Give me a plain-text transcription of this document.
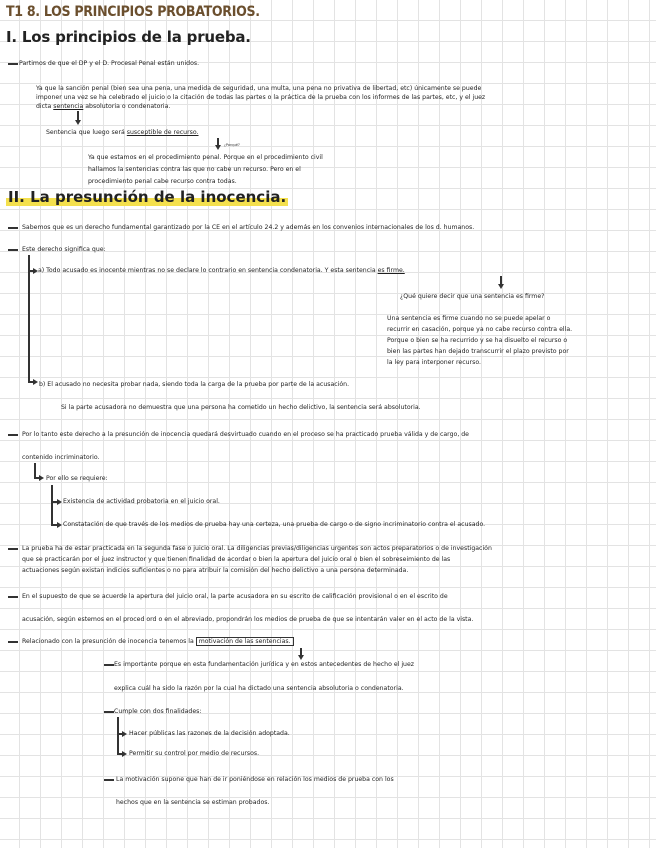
T1 8. LOS PRINCIPIOS PROBATORIOS.
I. Los principios de la prueba.
Partimos de que el DP y el D. Procesal Penal están unidos.
Ya que la sanción penal (bien sea una pena, una medida de seguridad, una multa, una pena no privativa de libertad, etc) únicamente se puede
imponer una vez se ha celebrado el juicio o la citación de todas las partes o la práctica de la prueba con los informes de las partes, etc, y el juez
dicta sentencia absolutoria o condenatoria.
Sentencia que luego será susceptible de recurso.
¿Porqué?
Ya que estamos en el procedimiento penal. Porque en el procedimiento civil
hallamos la sentencias contra las que no cabe un recurso. Pero en el
procedimiento penal cabe recurso contra todas.
II. La presunción de la inocencia.
Sabemos que es un derecho fundamental garantizado por la CE en el artículo 24.2 y además en los convenios internacionales de los d. humanos.
Este derecho significa que:
a) Todo acusado es inocente mientras no se declare lo contrario en sentencia condenatoria. Y esta sentencia es firme.
¿Qué quiere decir que una sentencia es firme?
Una sentencia es firme cuando no se puede apelar o
recurrir en casación, porque ya no cabe recurso contra ella.
Porque o bien se ha recurrido y se ha disuelto el recurso o
bien las partes han dejado transcurrir el plazo previsto por
la ley para interponer recurso.
b) El acusado no necesita probar nada, siendo toda la carga de la prueba por parte de la acusación.
Si la parte acusadora no demuestra que una persona ha cometido un hecho delictivo, la sentencia será absolutoria.
Por lo tanto este derecho a la presunción de inocencia quedará desvirtuado cuando en el proceso se ha practicado prueba válida y de cargo, de
contenido incriminatorio.
Por ello se requiere:
Existencia de actividad probatoria en el juicio oral.
Constatación de que través de los medios de prueba hay una certeza, una prueba de cargo o de signo incriminatorio contra el acusado.
La prueba ha de estar practicada en la segunda fase o juicio oral. La diligencias previas/diligencias urgentes son actos preparatorios o de investigación
que se practicarán por el juez instructor y que tienen finalidad de acordar o bien la apertura del juicio oral o bien el sobreseimiento de las
actuaciones según existan indicios suficientes o no para atribuir la comisión del hecho delictivo a una persona determinada.
En el supuesto de que se acuerde la apertura del juicio oral, la parte acusadora en su escrito de calificación provisional o en el escrito de
acusación, según estemos en el proced ord o en el abreviado, propondrán los medios de prueba de que se intentarán valer en el acto de la vista.
Relacionado con la presunción de inocencia tenemos la motivación de las sentencias.
Es importante porque en esta fundamentación jurídica y en estos antecedentes de hecho el juez
explica cuál ha sido la razón por la cual ha dictado una sentencia absolutoria o condenatoria.
Cumple con dos finalidades:
Hacer públicas las razones de la decisión adoptada.
Permitir su control por medio de recursos.
La motivación supone que han de ir poniéndose en relación los medios de prueba con los
hechos que en la sentencia se estiman probados.
